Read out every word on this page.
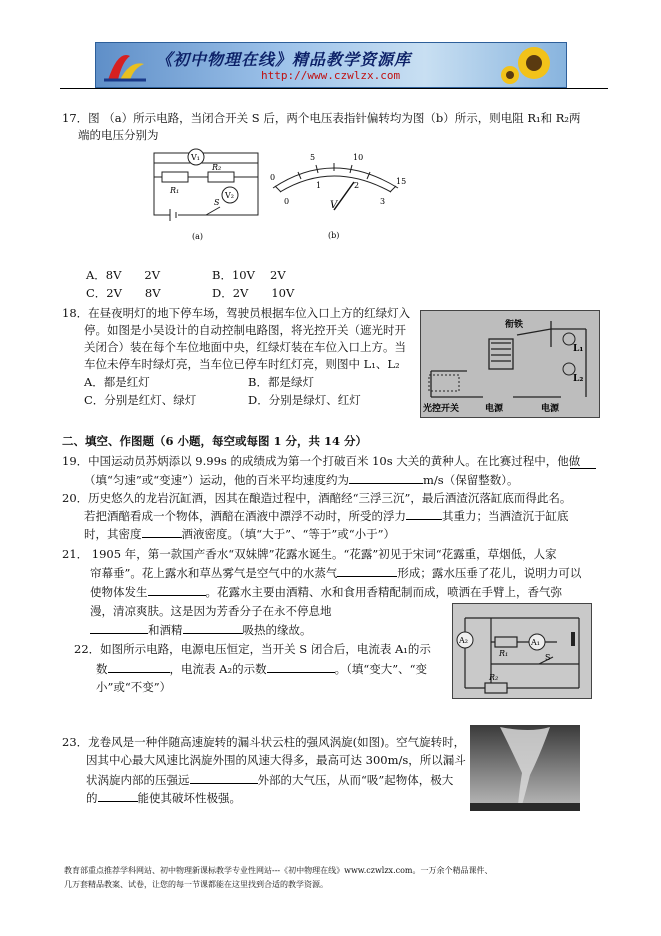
《初中物理在线》精品教学资源库
http://www.czwlzx.com
17．图 （a）所示电路，当闭合开关 S 后，两个电压表指针偏转均为图（b）所示，则电阻 R₁和 R₂两
端的电压分别为
V₁
V₂
R₁
R₂
S
(a)
0
5	10
15
0
1	2
3
V
(b)
A．8V　　2V	B．10V　 2V
C．2V　　8V	D．2V　　10V
18．在昼夜明灯的地下停车场，驾驶员根据车位入口上方的红绿灯入
停。如图是小吴设计的自动控制电路图，将光控开关（遮光时开
关闭合）装在每个车位地面中央，红绿灯装在车位入口上方。当
车位未停车时绿灯亮，当车位已停车时红灯亮，则图中 L₁、L₂
A．都是红灯	B．都是绿灯
C．分别是红灯、绿灯	D．分别是绿灯、红灯
衔铁
L₁
L₂
光控开关	电源	电源
二、填空、作图题（6 小题，每空或每图 1 分，共 14 分）
19．中国运动员苏炳添以 9.99s 的成绩成为第一个打破百米 10s 大关的黄种人。在比赛过程中，他做
（填“匀速”或“变速”）运动，他的百米平均速度约为	m/s（保留整数）。
20．历史悠久的龙岩沉缸酒，因其在酿造过程中，酒醅经“三浮三沉”，最后酒渣沉落缸底而得此名。
若把酒醅看成一个物体，酒醅在酒液中漂浮不动时，所受的浮力	其重力；当酒渣沉于缸底
时，其密度	酒液密度。（填“大于”、“等于”或“小于”）
21． 1905 年，第一款国产香水“双妹牌”花露水诞生。“花露”初见于宋词“花露重，草烟低，人家
帘幕垂”。花上露水和草丛雾气是空气中的水蒸气	形成；露水压垂了花儿，说明力可以
使物体发生	。花露水主要由酒精、水和食用香精配制而成，喷洒在手臂上，香气弥
漫，清凉爽肤。这是因为芳香分子在永不停息地
和酒精	吸热的缘故。
22．如图所示电路，电源电压恒定，当开关 S 闭合后，电流表 A₁的示
数	，电流表 A₂的示数	。（填“变大”、“变
小”或“不变”）
A₂	A₁
R₁
R₂
S
23．龙卷风是一种伴随高速旋转的漏斗状云柱的强风涡旋(如图)。空气旋转时，
因其中心最大风速比涡旋外围的风速大得多，最高可达 300m/s，所以漏斗
状涡旋内部的压强远	外部的大气压，从而“吸”起物体，极大
的	能使其破坏性极强。
教育部重点推荐学科网站、初中物理新课标教学专业性网站---《初中物理在线》www.czwlzx.com。一万余个精品课件、
几万套精品教案、试卷，让您的每一节课都能在这里找到合适的教学资源。
